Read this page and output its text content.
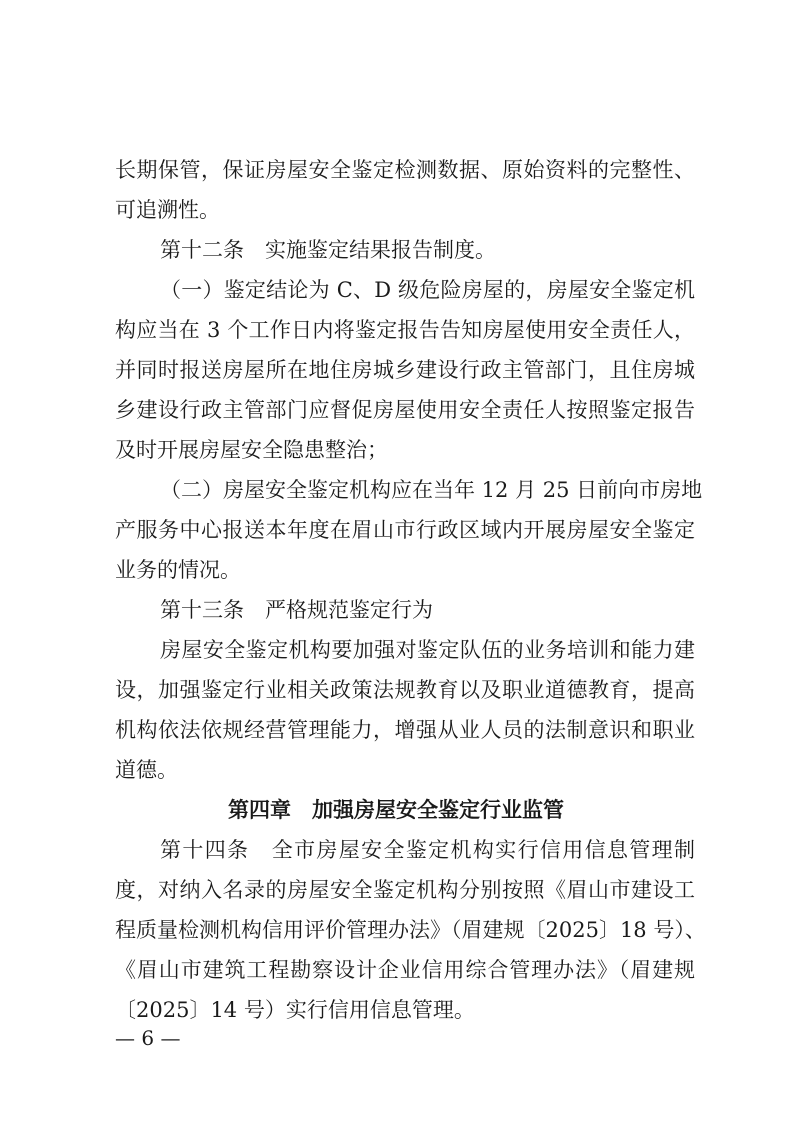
长期保管，保证房屋安全鉴定检测数据、原始资料的完整性、
可追溯性。
第十二条　实施鉴定结果报告制度。
（一）鉴定结论为 C、D 级危险房屋的，房屋安全鉴定机
构应当在 3 个工作日内将鉴定报告告知房屋使用安全责任人，
并同时报送房屋所在地住房城乡建设行政主管部门，且住房城
乡建设行政主管部门应督促房屋使用安全责任人按照鉴定报告
及时开展房屋安全隐患整治；
（二）房屋安全鉴定机构应在当年 12 月 25 日前向市房地
产服务中心报送本年度在眉山市行政区域内开展房屋安全鉴定
业务的情况。
第十三条　严格规范鉴定行为
房屋安全鉴定机构要加强对鉴定队伍的业务培训和能力建
设，加强鉴定行业相关政策法规教育以及职业道德教育，提高
机构依法依规经营管理能力，增强从业人员的法制意识和职业
道德。
第四章　加强房屋安全鉴定行业监管
第十四条　全市房屋安全鉴定机构实行信用信息管理制
度，对纳入名录的房屋安全鉴定机构分别按照《眉山市建设工
程质量检测机构信用评价管理办法》（眉建规〔2025〕18 号）、
《眉山市建筑工程勘察设计企业信用综合管理办法》（眉建规
〔2025〕14 号）实行信用信息管理。
— 6 —
